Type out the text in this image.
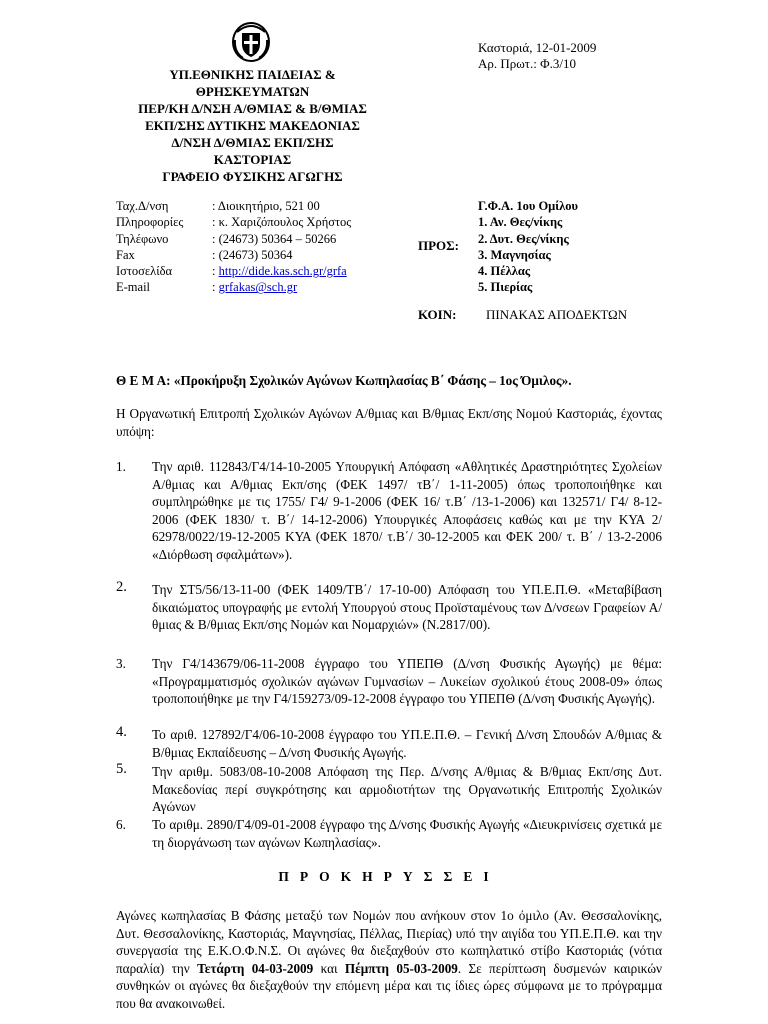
ΥΠ.ΕΘΝΙΚΗΣ ΠΑΙΔΕΙΑΣ &
ΘΡΗΣΚΕΥΜΑΤΩΝ
ΠΕΡ/ΚΗ Δ/ΝΣΗ Α/ΘΜΙΑΣ & Β/ΘΜΙΑΣ
ΕΚΠ/ΣΗΣ ΔΥΤΙΚΗΣ ΜΑΚΕΔΟΝΙΑΣ
Δ/ΝΣΗ Δ/ΘΜΙΑΣ ΕΚΠ/ΣΗΣ
ΚΑΣΤΟΡΙΑΣ
ΓΡΑΦΕΙΟ ΦΥΣΙΚΗΣ ΑΓΩΓΗΣ
Καστοριά, 12-01-2009
Αρ. Πρωτ.: Φ.3/10
Ταχ.Δ/νση	: Διοικητήριο, 521 00
Πληροφορίες	: κ. Χαριζόπουλος Χρήστος
Τηλέφωνο	: (24673) 50364 – 50266
Fax	: (24673) 50364
Ιστοσελίδα	: http://dide.kas.sch.gr/grfa
E-mail	: grfakas@sch.gr
ΠΡΟΣ:
Γ.Φ.Α. 1ου Ομίλου
1. Αν. Θες/νίκης
2. Δυτ. Θες/νίκης
3. Μαγνησίας
4. Πέλλας
5. Πιερίας
ΚΟΙΝ: ΠΙΝΑΚΑΣ ΑΠΟΔΕΚΤΩΝ
Θ Ε Μ Α: «Προκήρυξη Σχολικών Αγώνων Κωπηλασίας Β΄ Φάσης – 1ος Όμιλος».
Η Οργανωτική Επιτροπή Σχολικών Αγώνων Α/θμιας και Β/θμιας Εκπ/σης Νομού Καστοριάς, έχοντας υπόψη:
1. Την αριθ. 112843/Γ4/14-10-2005 Υπουργική Απόφαση «Αθλητικές Δραστηριότητες Σχολείων Α/θμιας και Α/θμιας Εκπ/σης (ΦΕΚ 1497/ τΒ΄/ 1-11-2005) όπως τροποποιήθηκε και συμπληρώθηκε με τις 1755/ Γ4/ 9-1-2006 (ΦΕΚ 16/ τ.Β΄ /13-1-2006) και 132571/ Γ4/ 8-12-2006 (ΦΕΚ 1830/ τ. Β΄/ 14-12-2006) Υπουργικές Αποφάσεις καθώς και με την ΚΥΑ 2/ 62978/0022/19-12-2005 ΚΥΑ (ΦΕΚ 1870/ τ.Β΄/ 30-12-2005 και ΦΕΚ 200/ τ. Β΄ / 13-2-2006 «Διόρθωση σφαλμάτων»).
2. Την ΣΤ5/56/13-11-00 (ΦΕΚ 1409/ΤΒ΄/ 17-10-00) Απόφαση του ΥΠ.Ε.Π.Θ. «Μεταβίβαση δικαιώματος υπογραφής με εντολή Υπουργού στους Προϊσταμένους των Δ/νσεων Γραφείων Α/θμιας & Β/θμιας Εκπ/σης Νομών και Νομαρχιών» (Ν.2817/00).
3. Την Γ4/143679/06-11-2008 έγγραφο του ΥΠΕΠΘ (Δ/νση Φυσικής Αγωγής) με θέμα: «Προγραμματισμός σχολικών αγώνων Γυμνασίων – Λυκείων σχολικού έτους 2008-09» όπως τροποποιήθηκε με την Γ4/159273/09-12-2008 έγγραφο του ΥΠΕΠΘ (Δ/νση Φυσικής Αγωγής).
4. Το αριθ. 127892/Γ4/06-10-2008 έγγραφο του ΥΠ.Ε.Π.Θ. – Γενική Δ/νση Σπουδών Α/θμιας & Β/θμιας Εκπαίδευσης – Δ/νση Φυσικής Αγωγής.
5. Την αριθμ. 5083/08-10-2008 Απόφαση της Περ. Δ/νσης Α/θμιας & Β/θμιας Εκπ/σης Δυτ. Μακεδονίας περί συγκρότησης και αρμοδιοτήτων της Οργανωτικής Επιτροπής Σχολικών Αγώνων
6. Το αριθμ. 2890/Γ4/09-01-2008 έγγραφο της Δ/νσης Φυσικής Αγωγής «Διευκρινίσεις σχετικά με τη διοργάνωση των αγώνων Κωπηλασίας».
ΠΡΟΚΗΡΥΣΣΕΙ
Αγώνες κωπηλασίας Β Φάσης μεταξύ των Νομών που ανήκουν στον 1ο όμιλο (Αν. Θεσσαλονίκης, Δυτ. Θεσσαλονίκης, Καστοριάς, Μαγνησίας, Πέλλας, Πιερίας) υπό την αιγίδα του ΥΠ.Ε.Π.Θ. και την συνεργασία της Ε.Κ.Ο.Φ.Ν.Σ. Οι αγώνες θα διεξαχθούν στο κωπηλατικό στίβο Καστοριάς (νότια παραλία) την Τετάρτη 04-03-2009 και Πέμπτη 05-03-2009. Σε περίπτωση δυσμενών καιρικών συνθηκών οι αγώνες θα διεξαχθούν την επόμενη μέρα και τις ίδιες ώρες σύμφωνα με το πρόγραμμα που θα ανακοινωθεί.
